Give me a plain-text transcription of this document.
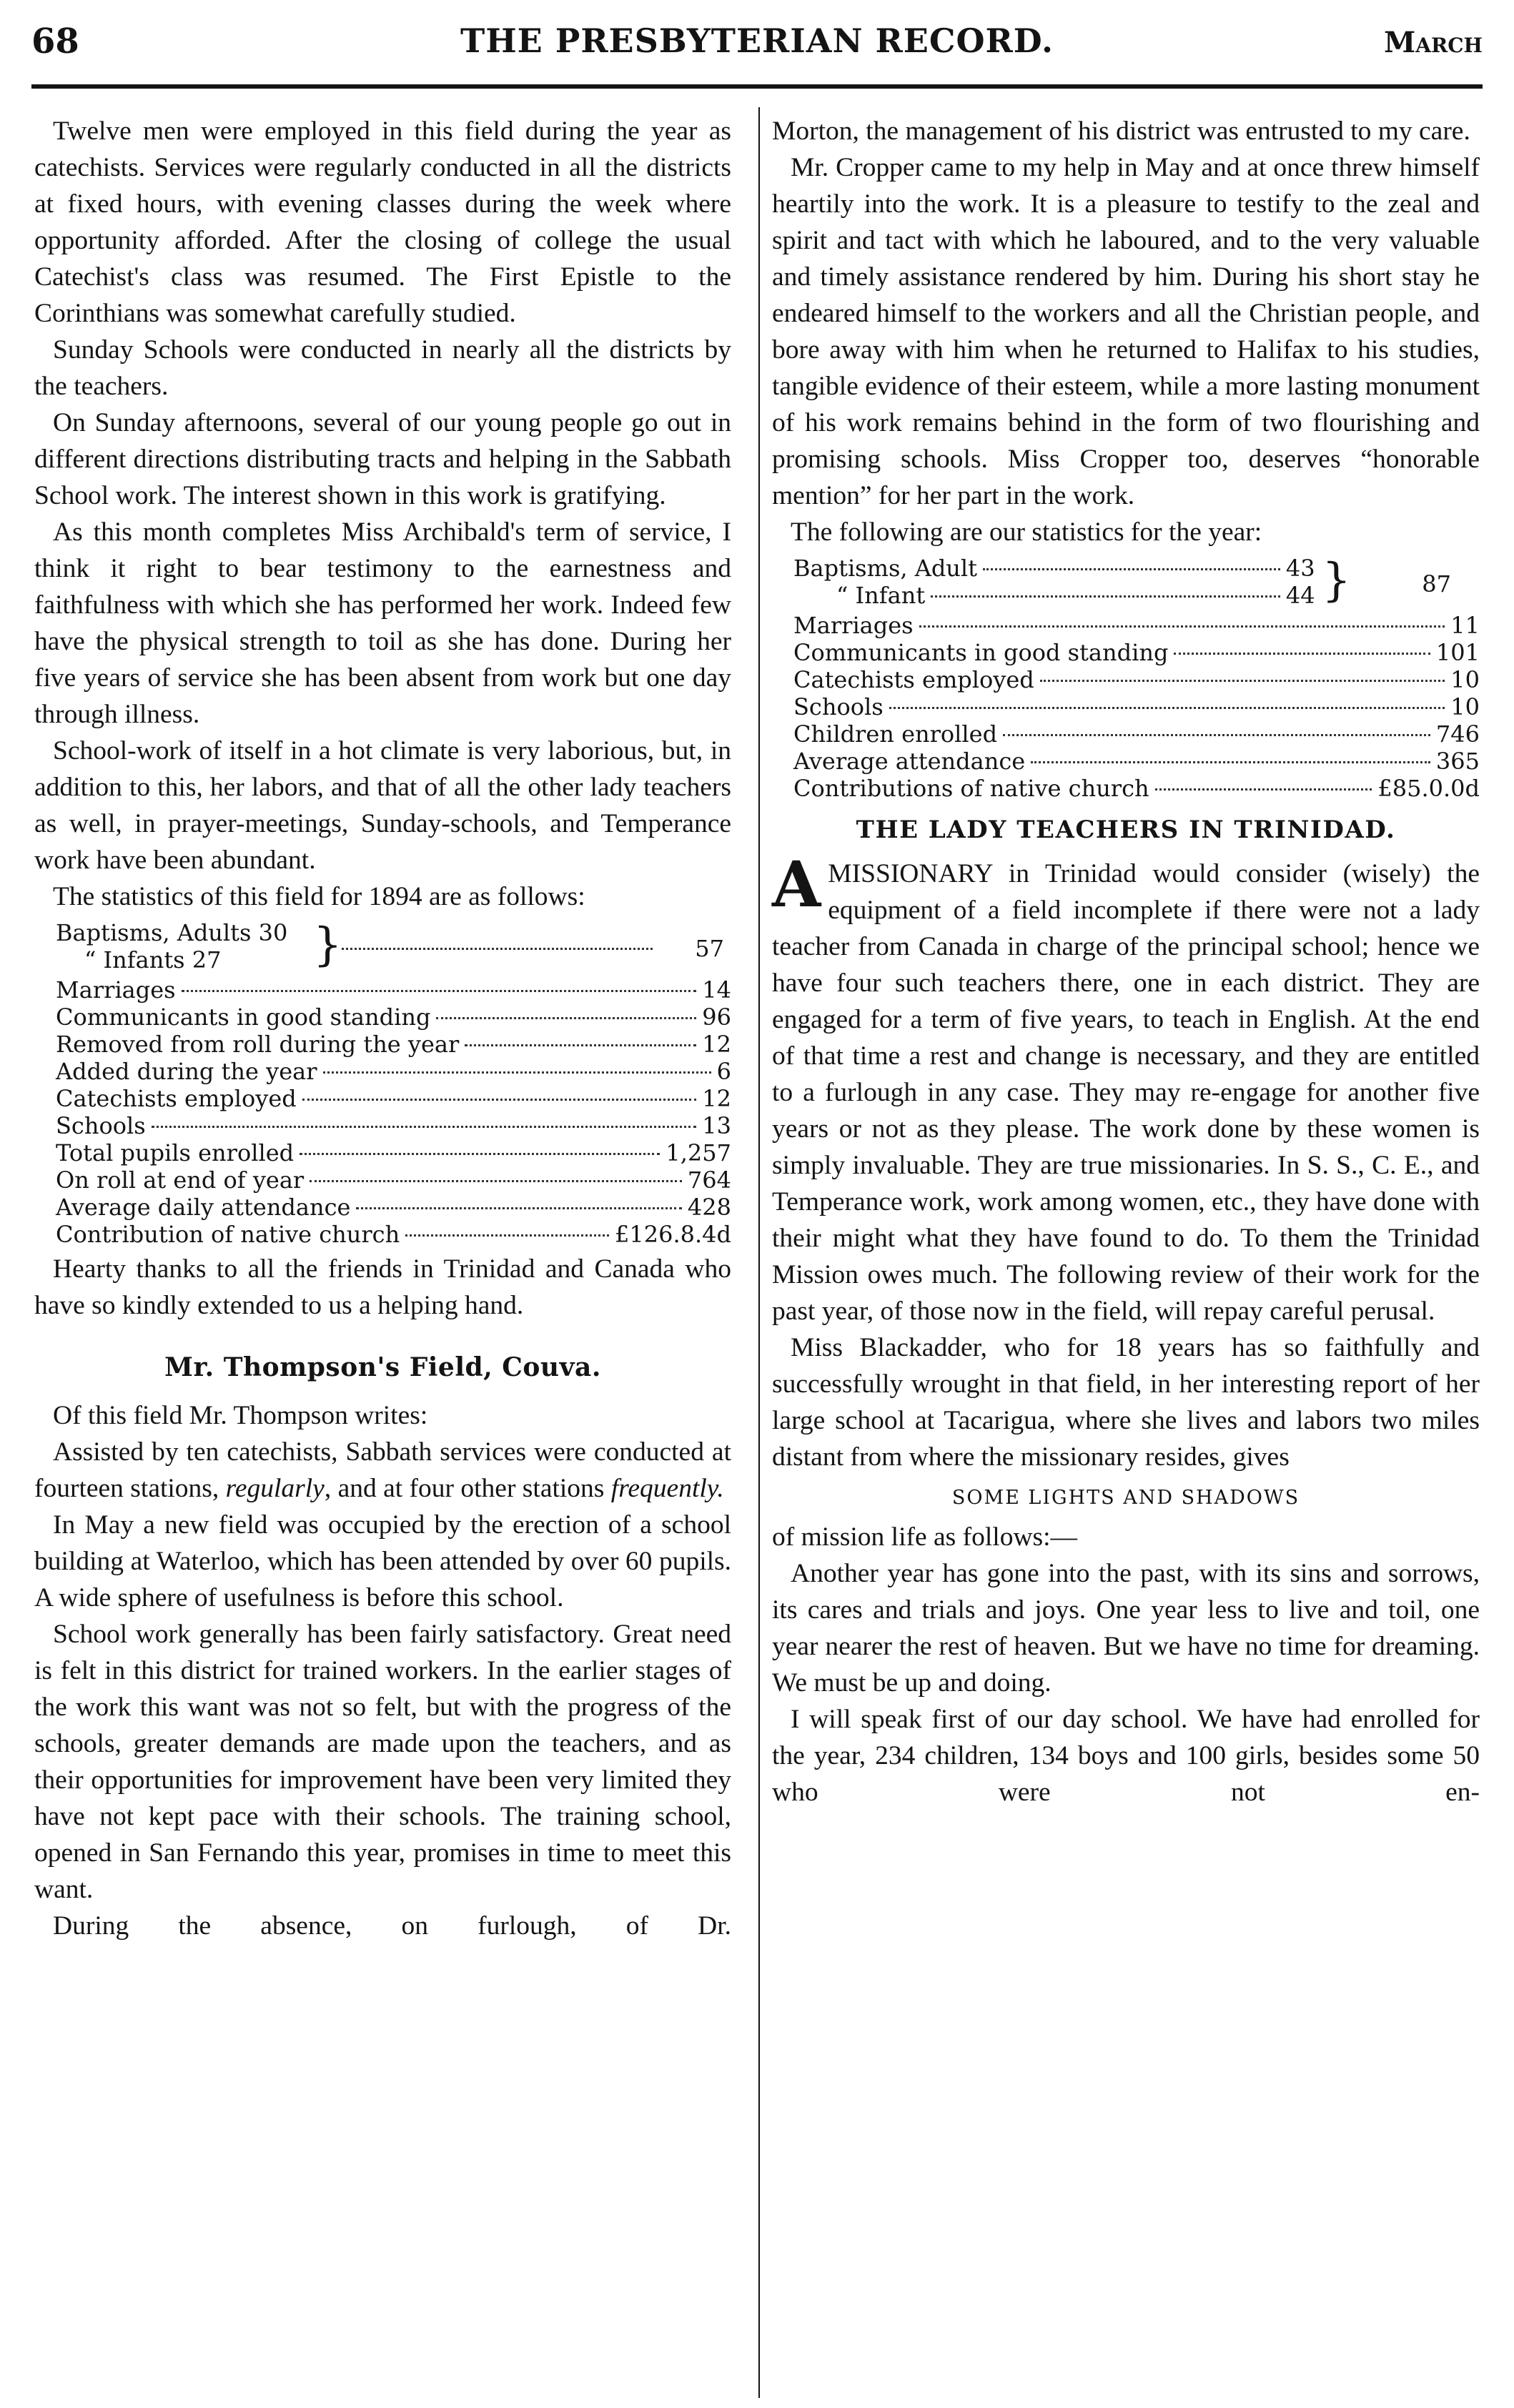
68	THE PRESBYTERIAN RECORD.	March

Twelve men were employed in this field during the year as catechists. Services were regularly conducted in all the districts at fixed hours, with evening classes during the week where opportunity afforded. After the closing of college the usual Catechist's class was resumed. The First Epistle to the Corinthians was somewhat carefully studied.

Sunday Schools were conducted in nearly all the districts by the teachers.

On Sunday afternoons, several of our young people go out in different directions distributing tracts and helping in the Sabbath School work. The interest shown in this work is gratifying.

As this month completes Miss Archibald's term of service, I think it right to bear testimony to the earnestness and faithfulness with which she has performed her work. Indeed few have the physical strength to toil as she has done. During her five years of service she has been absent from work but one day through illness.

School-work of itself in a hot climate is very laborious, but, in addition to this, her labors, and that of all the other lady teachers as well, in prayer-meetings, Sunday-schools, and Temperance work have been abundant.

The statistics of this field for 1894 are as follows:

Baptisms, Adults 30
“ Infants 27 }	57
Marriages	14
Communicants in good standing	96
Removed from roll during the year	12
Added during the year	6
Catechists employed	12
Schools	13
Total pupils enrolled	1,257
On roll at end of year	764
Average daily attendance	428
Contribution of native church	£126.8.4d

Hearty thanks to all the friends in Trinidad and Canada who have so kindly extended to us a helping hand.

Mr. Thompson's Field, Couva.

Of this field Mr. Thompson writes:

Assisted by ten catechists, Sabbath services were conducted at fourteen stations, regularly, and at four other stations frequently.

In May a new field was occupied by the erection of a school building at Waterloo, which has been attended by over 60 pupils. A wide sphere of usefulness is before this school.

School work generally has been fairly satisfactory. Great need is felt in this district for trained workers. In the earlier stages of the work this want was not so felt, but with the progress of the schools, greater demands are made upon the teachers, and as their opportunities for improvement have been very limited they have not kept pace with their schools. The training school, opened in San Fernando this year, promises in time to meet this want.

During the absence, on furlough, of Dr.

Morton, the management of his district was entrusted to my care.

Mr. Cropper came to my help in May and at once threw himself heartily into the work. It is a pleasure to testify to the zeal and spirit and tact with which he laboured, and to the very valuable and timely assistance rendered by him. During his short stay he endeared himself to the workers and all the Christian people, and bore away with him when he returned to Halifax to his studies, tangible evidence of their esteem, while a more lasting monument of his work remains behind in the form of two flourishing and promising schools. Miss Cropper too, deserves “honorable mention” for her part in the work.

The following are our statistics for the year:

Baptisms, Adult	43
“ Infant	44 }	87
Marriages	11
Communicants in good standing	101
Catechists employed	10
Schools	10
Children enrolled	746
Average attendance	365
Contributions of native church	£85.0.0d
THE LADY TEACHERS IN TRINIDAD.

AMISSIONARY in Trinidad would consider (wisely) the equipment of a field incomplete if there were not a lady teacher from Canada in charge of the principal school; hence we have four such teachers there, one in each district. They are engaged for a term of five years, to teach in English. At the end of that time a rest and change is necessary, and they are entitled to a furlough in any case. They may re-engage for another five years or not as they please. The work done by these women is simply invaluable. They are true missionaries. In S. S., C. E., and Temperance work, work among women, etc., they have done with their might what they have found to do. To them the Trinidad Mission owes much. The following review of their work for the past year, of those now in the field, will repay careful perusal.

Miss Blackadder, who for 18 years has so faithfully and successfully wrought in that field, in her interesting report of her large school at Tacarigua, where she lives and labors two miles distant from where the missionary resides, gives

SOME LIGHTS AND SHADOWS

of mission life as follows:—

Another year has gone into the past, with its sins and sorrows, its cares and trials and joys. One year less to live and toil, one year nearer the rest of heaven. But we have no time for dreaming. We must be up and doing.

I will speak first of our day school. We have had enrolled for the year, 234 children, 134 boys and 100 girls, besides some 50 who were not en-
